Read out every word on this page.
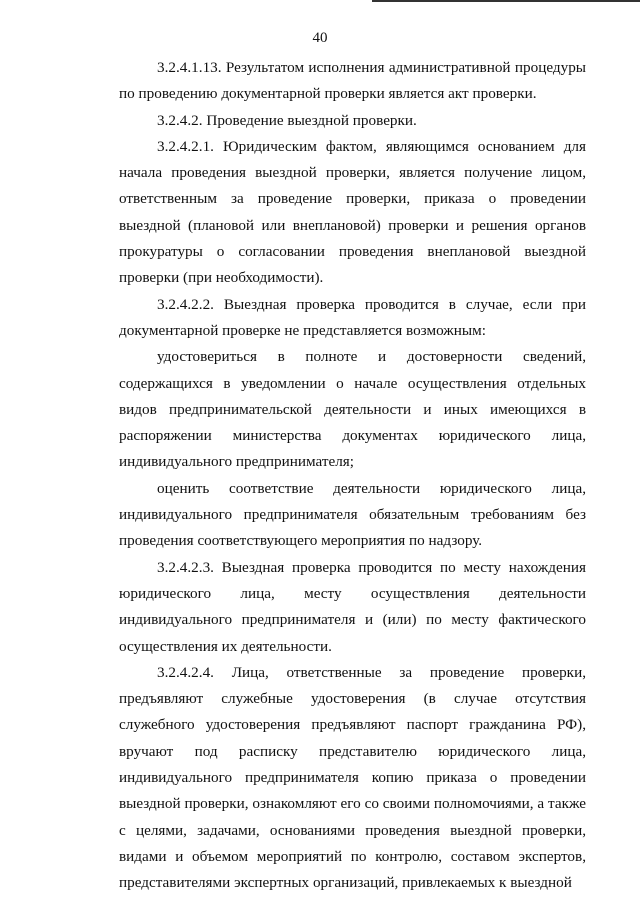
40

3.2.4.1.13. Результатом исполнения административной процедуры по проведению документарной проверки является акт проверки.

3.2.4.2. Проведение выездной проверки.

3.2.4.2.1. Юридическим фактом, являющимся основанием для начала проведения выездной проверки, является получение лицом, ответственным за проведение проверки, приказа о проведении выездной (плановой или внеплановой) проверки и решения органов прокуратуры о согласовании проведения внеплановой выездной проверки (при необходимости).

3.2.4.2.2. Выездная проверка проводится в случае, если при документарной проверке не представляется возможным:

удостовериться в полноте и достоверности сведений, содержащихся в уведомлении о начале осуществления отдельных видов предпринимательской деятельности и иных имеющихся в распоряжении министерства документах юридического лица, индивидуального предпринимателя;

оценить соответствие деятельности юридического лица, индивидуального предпринимателя обязательным требованиям без проведения соответствующего мероприятия по надзору.

3.2.4.2.3. Выездная проверка проводится по месту нахождения юридического лица, месту осуществления деятельности индивидуального предпринимателя и (или) по месту фактического осуществления их деятельности.

3.2.4.2.4. Лица, ответственные за проведение проверки, предъявляют служебные удостоверения (в случае отсутствия служебного удостоверения предъявляют паспорт гражданина РФ), вручают под расписку представителю юридического лица, индивидуального предпринимателя копию приказа о проведении выездной проверки, ознакомляют его со своими полномочиями, а также с целями, задачами, основаниями проведения выездной проверки, видами и объемом мероприятий по контролю, составом экспертов, представителями экспертных организаций, привлекаемых к выездной
